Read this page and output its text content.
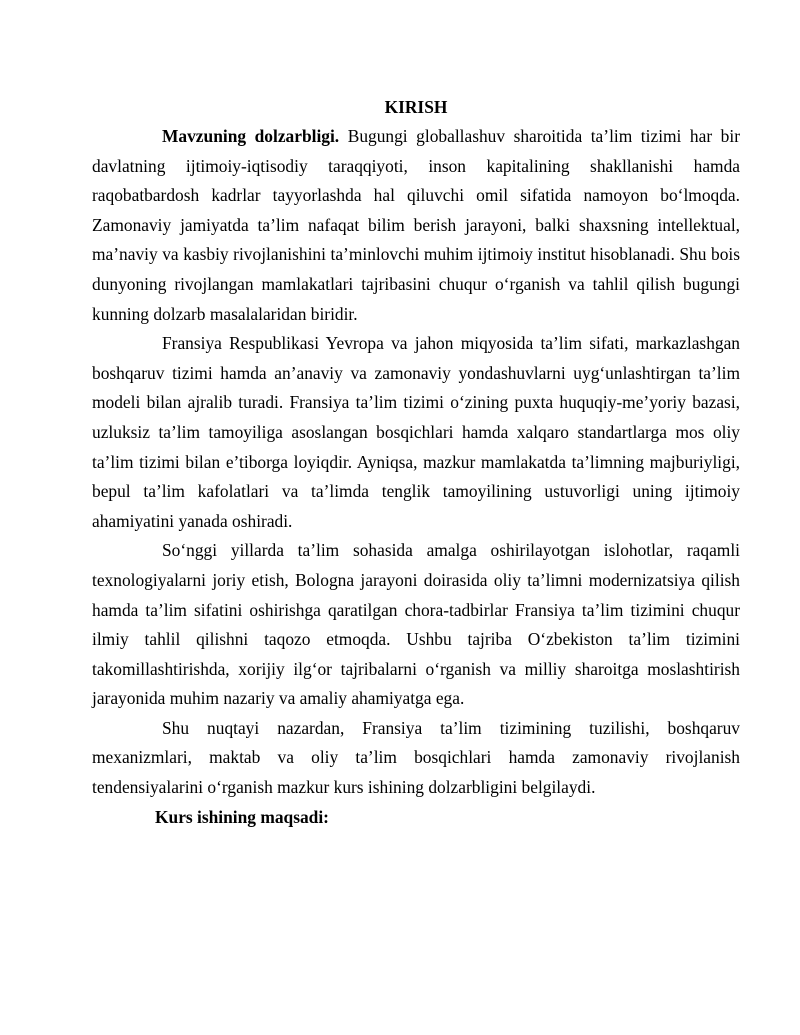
KIRISH

Mavzuning dolzarbligi. Bugungi globallashuv sharoitida ta’lim tizimi har bir davlatning ijtimoiy-iqtisodiy taraqqiyoti, inson kapitalining shakllanishi hamda raqobatbardosh kadrlar tayyorlashda hal qiluvchi omil sifatida namoyon bo‘lmoqda. Zamonaviy jamiyatda ta’lim nafaqat bilim berish jarayoni, balki shaxsning intellektual, ma’naviy va kasbiy rivojlanishini ta’minlovchi muhim ijtimoiy institut hisoblanadi. Shu bois dunyoning rivojlangan mamlakatlari tajribasini chuqur o‘rganish va tahlil qilish bugungi kunning dolzarb masalalaridan biridir.

Fransiya Respublikasi Yevropa va jahon miqyosida ta’lim sifati, markazlashgan boshqaruv tizimi hamda an’anaviy va zamonaviy yondashuvlarni uyg‘unlashtirgan ta’lim modeli bilan ajralib turadi. Fransiya ta’lim tizimi o‘zining puxta huquqiy-me’yoriy bazasi, uzluksiz ta’lim tamoyiliga asoslangan bosqichlari hamda xalqaro standartlarga mos oliy ta’lim tizimi bilan e’tiborga loyiqdir. Ayniqsa, mazkur mamlakatda ta’limning majburiyligi, bepul ta’lim kafolatlari va ta’limda tenglik tamoyilining ustuvorligi uning ijtimoiy ahamiyatini yanada oshiradi.

So‘nggi yillarda ta’lim sohasida amalga oshirilayotgan islohotlar, raqamli texnologiyalarni joriy etish, Bologna jarayoni doirasida oliy ta’limni modernizatsiya qilish hamda ta’lim sifatini oshirishga qaratilgan chora-tadbirlar Fransiya ta’lim tizimini chuqur ilmiy tahlil qilishni taqozo etmoqda. Ushbu tajriba O‘zbekiston ta’lim tizimini takomillashtirishda, xorijiy ilg‘or tajribalarni o‘rganish va milliy sharoitga moslashtirish jarayonida muhim nazariy va amaliy ahamiyatga ega.

Shu nuqtayi nazardan, Fransiya ta’lim tizimining tuzilishi, boshqaruv mexanizmlari, maktab va oliy ta’lim bosqichlari hamda zamonaviy rivojlanish tendensiyalarini o‘rganish mazkur kurs ishining dolzarbligini belgilaydi.

Kurs ishining maqsadi:
